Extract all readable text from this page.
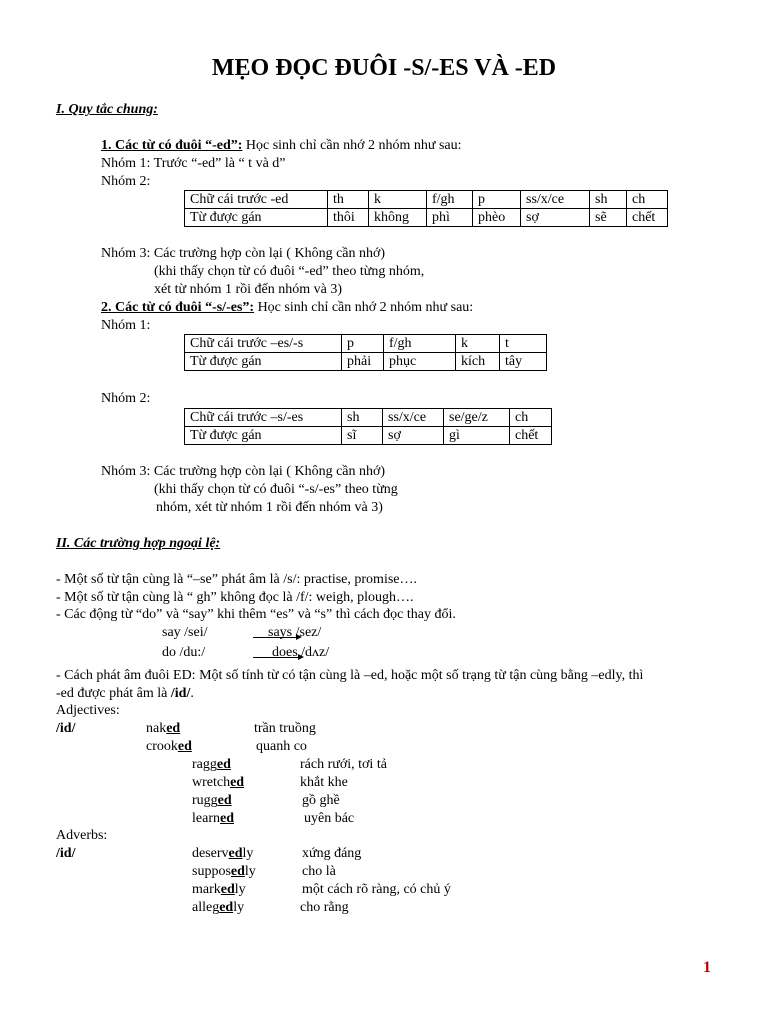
MẸO ĐỌC ĐUÔI -S/-ES VÀ -ED
I. Quy tắc chung:
1. Các từ có đuôi “-ed”: Học sinh chỉ cần nhớ 2 nhóm như sau:
Nhóm 1: Trước “-ed” là “ t và d”
Nhóm 2:
Chữ cái trước -ed	th	k	f/gh	p	ss/x/ce	sh	ch
Từ được gán	thôi	không	phì	phèo	sợ	sẽ	chết
Nhóm 3: Các trường hợp còn lại ( Không cần nhớ)
(khi thấy chọn từ có đuôi “-ed” theo từng nhóm,
xét từ nhóm 1 rồi đến nhóm và 3)
2. Các từ có đuôi “-s/-es”: Học sinh chỉ cần nhớ 2 nhóm như sau:
Nhóm 1:
Chữ cái trước –es/-s	p	f/gh	k	t
Từ được gán	phải	phục	kích	tây
Nhóm 2:
Chữ cái trước –s/-es	sh	ss/x/ce	se/ge/z	ch
Từ được gán	sĩ	sợ	gì	chết
Nhóm 3: Các trường hợp còn lại ( Không cần nhớ)
(khi thấy chọn từ có đuôi “-s/-es” theo từng
nhóm, xét từ nhóm 1 rồi đến nhóm và 3)
II. Các trường hợp ngoại lệ:
- Một số từ tận cùng là “–se” phát âm là /s/: practise, promise….
- Một số từ tận cùng là “ gh” không đọc là /f/: weigh, plough….
- Các động từ “do” và “say” khi thêm “es” và “s” thì cách đọc thay đổi.
say /sei/	says /sez/
do /du:/	does /dʌz/
- Cách phát âm đuôi ED: Một số tính từ có tận cùng là –ed, hoặc một số trạng từ tận cùng bằng –edly, thì
-ed được phát âm là /id/.
Adjectives:
/id/	naked	trần truồng
crooked	quanh co
ragged	rách rưới, tơi tả
wretched	khắt khe
rugged	gồ ghề
learned	uyên bác
Adverbs:
/id/	deservedly	xứng đáng
supposedly	cho là
markedly	một cách rõ ràng, có chủ ý
allegedly	cho rằng
1
